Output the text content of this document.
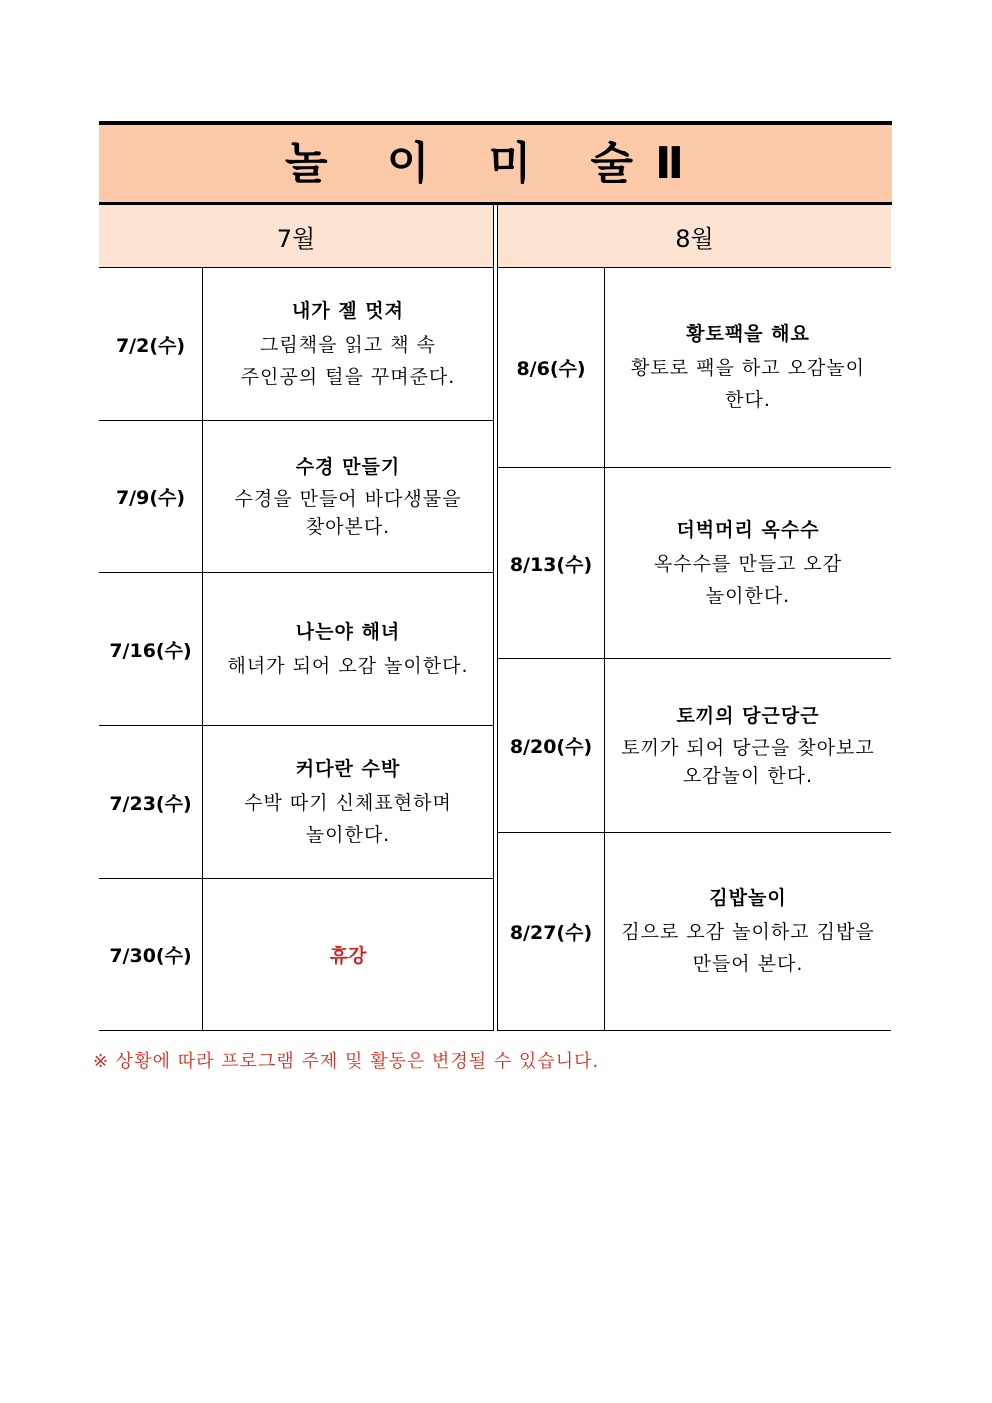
놀 이 미 술Ⅱ
7월
7/2(수)
내가 젤 멋져
그림책을 읽고 책 속
주인공의 털을 꾸며준다.
7/9(수)
수경 만들기
수경을 만들어 바다생물을
찾아본다.
7/16(수)
나는야 해녀
해녀가 되어 오감 놀이한다.
7/23(수)
커다란 수박
수박 따기 신체표현하며
놀이한다.
7/30(수)	휴강
8월
8/6(수)
황토팩을 해요
황토로 팩을 하고 오감놀이
한다.
8/13(수)
더벅머리 옥수수
옥수수를 만들고 오감
놀이한다.
8/20(수)
토끼의 당근당근
토끼가 되어 당근을 찾아보고
오감놀이 한다.
8/27(수)
김밥놀이
김으로 오감 놀이하고 김밥을
만들어 본다.
※ 상황에 따라 프로그램 주제 및 활동은 변경될 수 있습니다.
